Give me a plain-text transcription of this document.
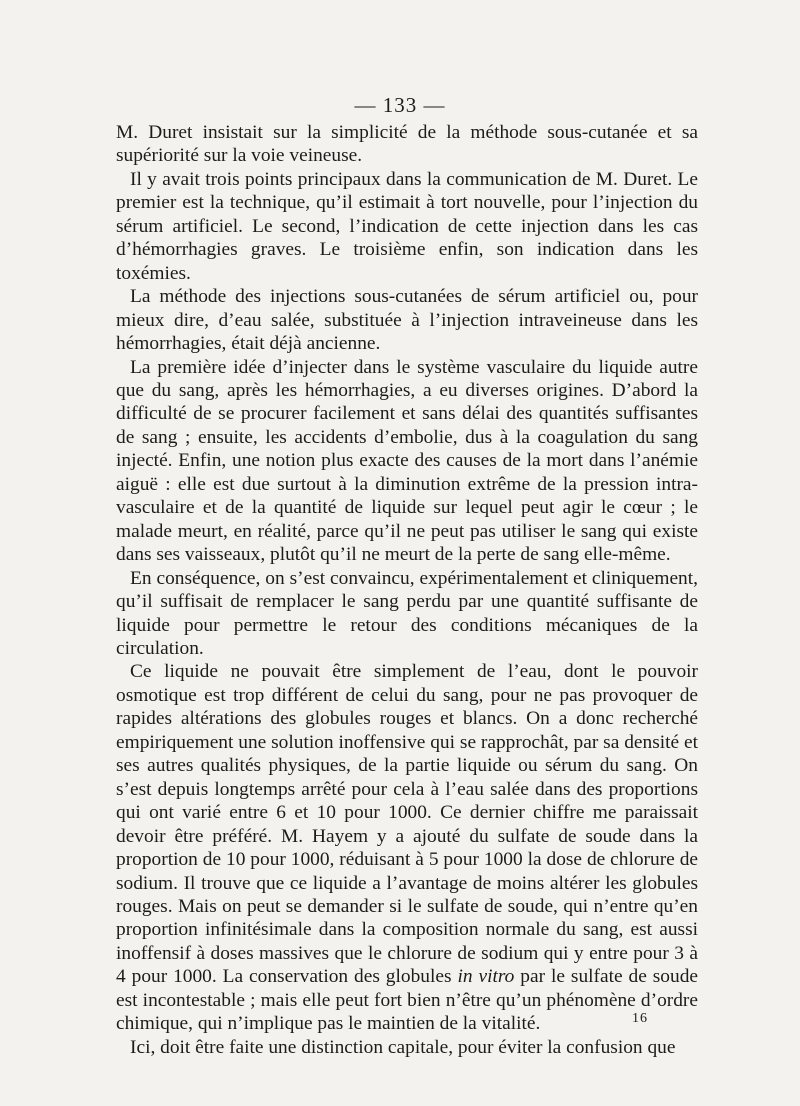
— 133 —

M. Duret insistait sur la simplicité de la méthode sous-cutanée et sa supériorité sur la voie veineuse.

Il y avait trois points principaux dans la communication de M. Duret. Le premier est la technique, qu’il estimait à tort nouvelle, pour l’injection du sérum artificiel. Le second, l’indication de cette injection dans les cas d’hémorrhagies graves. Le troisième enfin, son indication dans les toxémies.

La méthode des injections sous-cutanées de sérum artificiel ou, pour mieux dire, d’eau salée, substituée à l’injection intraveineuse dans les hémorrhagies, était déjà ancienne.

La première idée d’injecter dans le système vasculaire du liquide autre que du sang, après les hémorrhagies, a eu diverses origines. D’abord la difficulté de se procurer facilement et sans délai des quantités suffisantes de sang ; ensuite, les accidents d’embolie, dus à la coagulation du sang injecté. Enfin, une notion plus exacte des causes de la mort dans l’anémie aiguë : elle est due surtout à la diminution extrême de la pression intra-vasculaire et de la quantité de liquide sur lequel peut agir le cœur ; le malade meurt, en réalité, parce qu’il ne peut pas utiliser le sang qui existe dans ses vaisseaux, plutôt qu’il ne meurt de la perte de sang elle-même.

En conséquence, on s’est convaincu, expérimentalement et cliniquement, qu’il suffisait de remplacer le sang perdu par une quantité suffisante de liquide pour permettre le retour des conditions mécaniques de la circulation.

Ce liquide ne pouvait être simplement de l’eau, dont le pouvoir osmotique est trop différent de celui du sang, pour ne pas provoquer de rapides altérations des globules rouges et blancs. On a donc recherché empiriquement une solution inoffensive qui se rapprochât, par sa densité et ses autres qualités physiques, de la partie liquide ou sérum du sang. On s’est depuis longtemps arrêté pour cela à l’eau salée dans des proportions qui ont varié entre 6 et 10 pour 1000. Ce dernier chiffre me paraissait devoir être préféré. M. Hayem y a ajouté du sulfate de soude dans la proportion de 10 pour 1000, réduisant à 5 pour 1000 la dose de chlorure de sodium. Il trouve que ce liquide a l’avantage de moins altérer les globules rouges. Mais on peut se demander si le sulfate de soude, qui n’entre qu’en proportion infinitésimale dans la composition normale du sang, est aussi inoffensif à doses massives que le chlorure de sodium qui y entre pour 3 à 4 pour 1000. La conservation des globules in vitro par le sulfate de soude est incontestable ; mais elle peut fort bien n’être qu’un phénomène d’ordre chimique, qui n’implique pas le maintien de la vitalité.

Ici, doit être faite une distinction capitale, pour éviter la confusion que

16
